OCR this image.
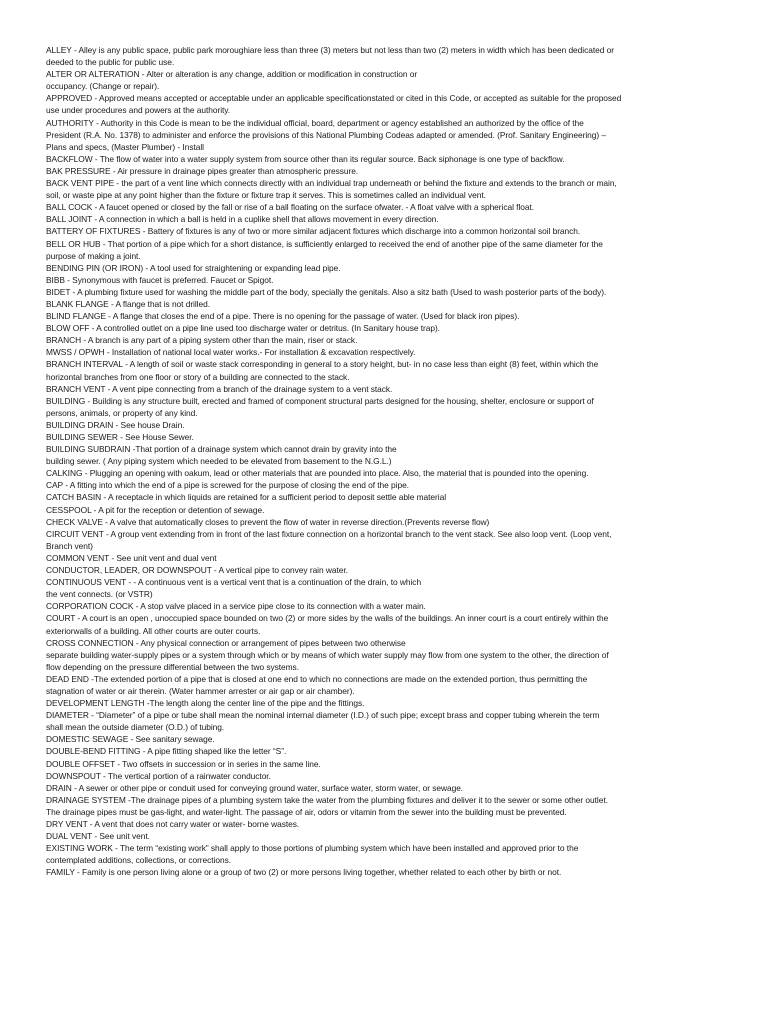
ALLEY - Alley is any public space, public park moroughiare less than three (3) meters but not less than two (2) meters in width which has been dedicated or
deeded to the public for public use.
ALTER OR ALTERATION - Alter or alteration is any change, addition or modification in construction or
occupancy. (Change or repair).
APPROVED - Approved means accepted or acceptable under an applicable specificationstated or cited in this Code, or accepted as suitable for the proposed
use under procedures and powers at the authority.
AUTHORITY - Authority in this Code is mean to be the individual official, board, department or agency established an authorized by the office of the
President (R.A. No. 1378) to administer and enforce the provisions of this National Plumbing Codeas adapted or amended. (Prof. Sanitary Engineering) –
Plans and specs, (Master Plumber) - Install
BACKFLOW - The flow of water into a water supply system from source other than its regular source. Back siphonage is one type of backflow.
BAK PRESSURE - Air pressure in drainage pipes greater than atmospheric pressure.
BACK VENT PIPE - the part of a vent line which connects directly with an individual trap underneath or behind the fixture and extends to the branch or main,
soil, or waste pipe at any point higher than the fixture or fixture trap it serves. This is sometimes called an individual vent.
BALL COCK - A faucet opened or closed by the fall or rise of a ball floating on the surface ofwater. - A float valve with a spherical float.
BALL JOINT - A connection in which a ball is held in a cuplike shell that allows movement in every direction.
BATTERY OF FIXTURES - Battery of fixtures is any of two or more similar adjacent fixtures which discharge into a common horizontal soil branch.
BELL OR HUB - That portion of a pipe which for a short distance, is sufficiently enlarged to received the end of another pipe of the same diameter for the
purpose of making a joint.
BENDING PIN (OR IRON) - A tool used for straightening or expanding lead pipe.
BIBB - Synonymous with faucet is preferred. Faucet or Spigot.
BIDET - A plumbing fixture used for washing the middle part of the body, specially the genitals. Also a sitz bath (Used to wash posterior parts of the body).
BLANK FLANGE - A flange that is not drilled.
BLIND FLANGE - A flange that closes the end of a pipe. There is no opening for the passage of water. (Used for black iron pipes).
BLOW OFF - A controlled outlet on a pipe line used too discharge water or detritus. (In Sanitary house trap).
BRANCH - A branch is any part of a piping system other than the main, riser or stack.
MWSS / OPWH - Installation of national local water works.- For installation & excavation respectively.
BRANCH INTERVAL - A length of soil or waste stack corresponding in general to a story height, but- in no case less than eight (8) feet, within which the
horizontal branches from one floor or story of a building are connected to the stack.
BRANCH VENT - A vent pipe connecting from a branch of the drainage system to a vent stack.
BUILDING - Building is any structure built, erected and framed of component structural parts designed for the housing, shelter, enclosure or support of
persons, animals, or property of any kind.
BUILDING DRAIN - See house Drain.
BUILDING SEWER - See House Sewer.
BUILDING SUBDRAIN -That portion of a drainage system which cannot drain by gravity into the
building sewer. ( Any piping system which needed to be elevated from basement to the N.G.L.)
CALKING - Plugging an opening with oakum, lead or other materials that are pounded into place. Also, the material that is pounded into the opening.
CAP - A fitting into which the end of a pipe is screwed for the purpose of closing the end of the pipe.
CATCH BASIN - A receptacle in which liquids are retained for a sufficient period to deposit settle able material
CESSPOOL - A pit for the reception or detention of sewage.
CHECK VALVE - A valve that automatically closes to prevent the flow of water in reverse direction.(Prevents reverse flow)
CIRCUIT VENT - A group vent extending from in front of the last fixture connection on a horizontal branch to the vent stack. See also loop vent. (Loop vent,
Branch vent)
COMMON VENT - See unit vent and dual vent
CONDUCTOR, LEADER, OR DOWNSPOUT - A vertical pipe to convey rain water.
CONTINUOUS VENT - - A continuous vent is a vertical vent that is a continuation of the drain, to which
the vent connects. (or VSTR)
CORPORATION COCK - A stop valve placed in a service pipe close to its connection with a water main.
COURT - A court is an open , unoccupied space bounded on two (2) or more sides by the walls of the buildings. An inner court is a court entirely within the
exteriorwalls of a building. All other courts are outer courts.
CROSS CONNECTION - Any physical connection or arrangement of pipes between two otherwise
separate building water-supply pipes or a system through which or by means of which water supply may flow from one system to the other, the direction of
flow depending on the pressure differential between the two systems.
DEAD END -The extended portion of a pipe that is closed at one end to which no connections are made on the extended portion, thus permitting the
stagnation of water or air therein. (Water hammer arrester or air gap or air chamber).
DEVELOPMENT LENGTH -The length along the center line of the pipe and the fittings.
DIAMETER - “Diameter” of a pipe or tube shall mean the nominal internal diameter (I.D.) of such pipe; except brass and copper tubing wherein the term
shall mean the outside diameter (O.D.) of tubing.
DOMESTIC SEWAGE - See sanitary sewage.
DOUBLE-BEND FITTING - A pipe fitting shaped like the letter “S”.
DOUBLE OFFSET - Two offsets in succession or in series in the same line.
DOWNSPOUT - The vertical portion of a rainwater conductor.
DRAIN - A sewer or other pipe or conduit used for conveying ground water, surface water, storm water, or sewage.
DRAINAGE SYSTEM -The drainage pipes of a plumbing system take the water from the plumbing fixtures and deliver it to the sewer or some other outlet.
The drainage pipes must be gas-light, and water-light. The passage of air, odors or vitamin from the sewer into the building must be prevented.
DRY VENT - A vent that does not carry water or water- borne wastes.
DUAL VENT - See unit vent.
EXISTING WORK - The term “existing work” shall apply to those portions of plumbing system which have been installed and approved prior to the
contemplated additions, collections, or corrections.
FAMILY - Family is one person living alone or a group of two (2) or more persons living together, whether related to each other by birth or not.
